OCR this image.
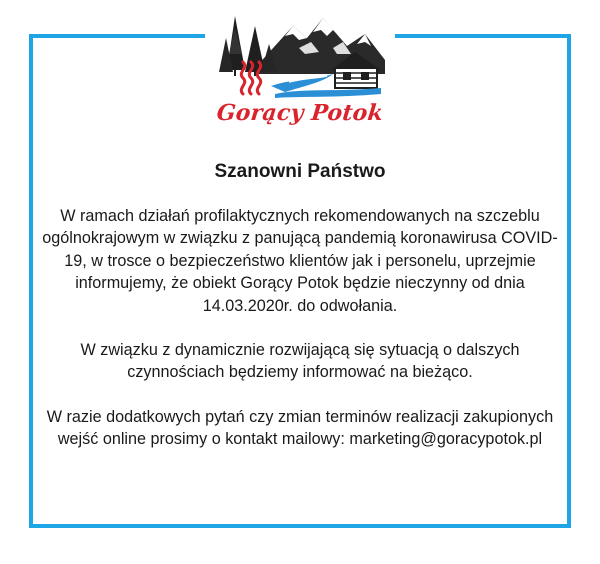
Gorący Potok
Szanowni Państwo

W ramach działań profilaktycznych rekomendowanych na szczeblu ogólnokrajowym w związku z panującą pandemią koronawirusa COVID-19, w trosce o bezpieczeństwo klientów jak i personelu, uprzejmie informujemy, że obiekt Gorący Potok będzie nieczynny od dnia 14.03.2020r. do odwołania.

W związku z dynamicznie rozwijającą się sytuacją o dalszych czynnościach będziemy informować na bieżąco.

W razie dodatkowych pytań czy zmian terminów realizacji zakupionych wejść online prosimy o kontakt mailowy: marketing@goracypotok.pl
